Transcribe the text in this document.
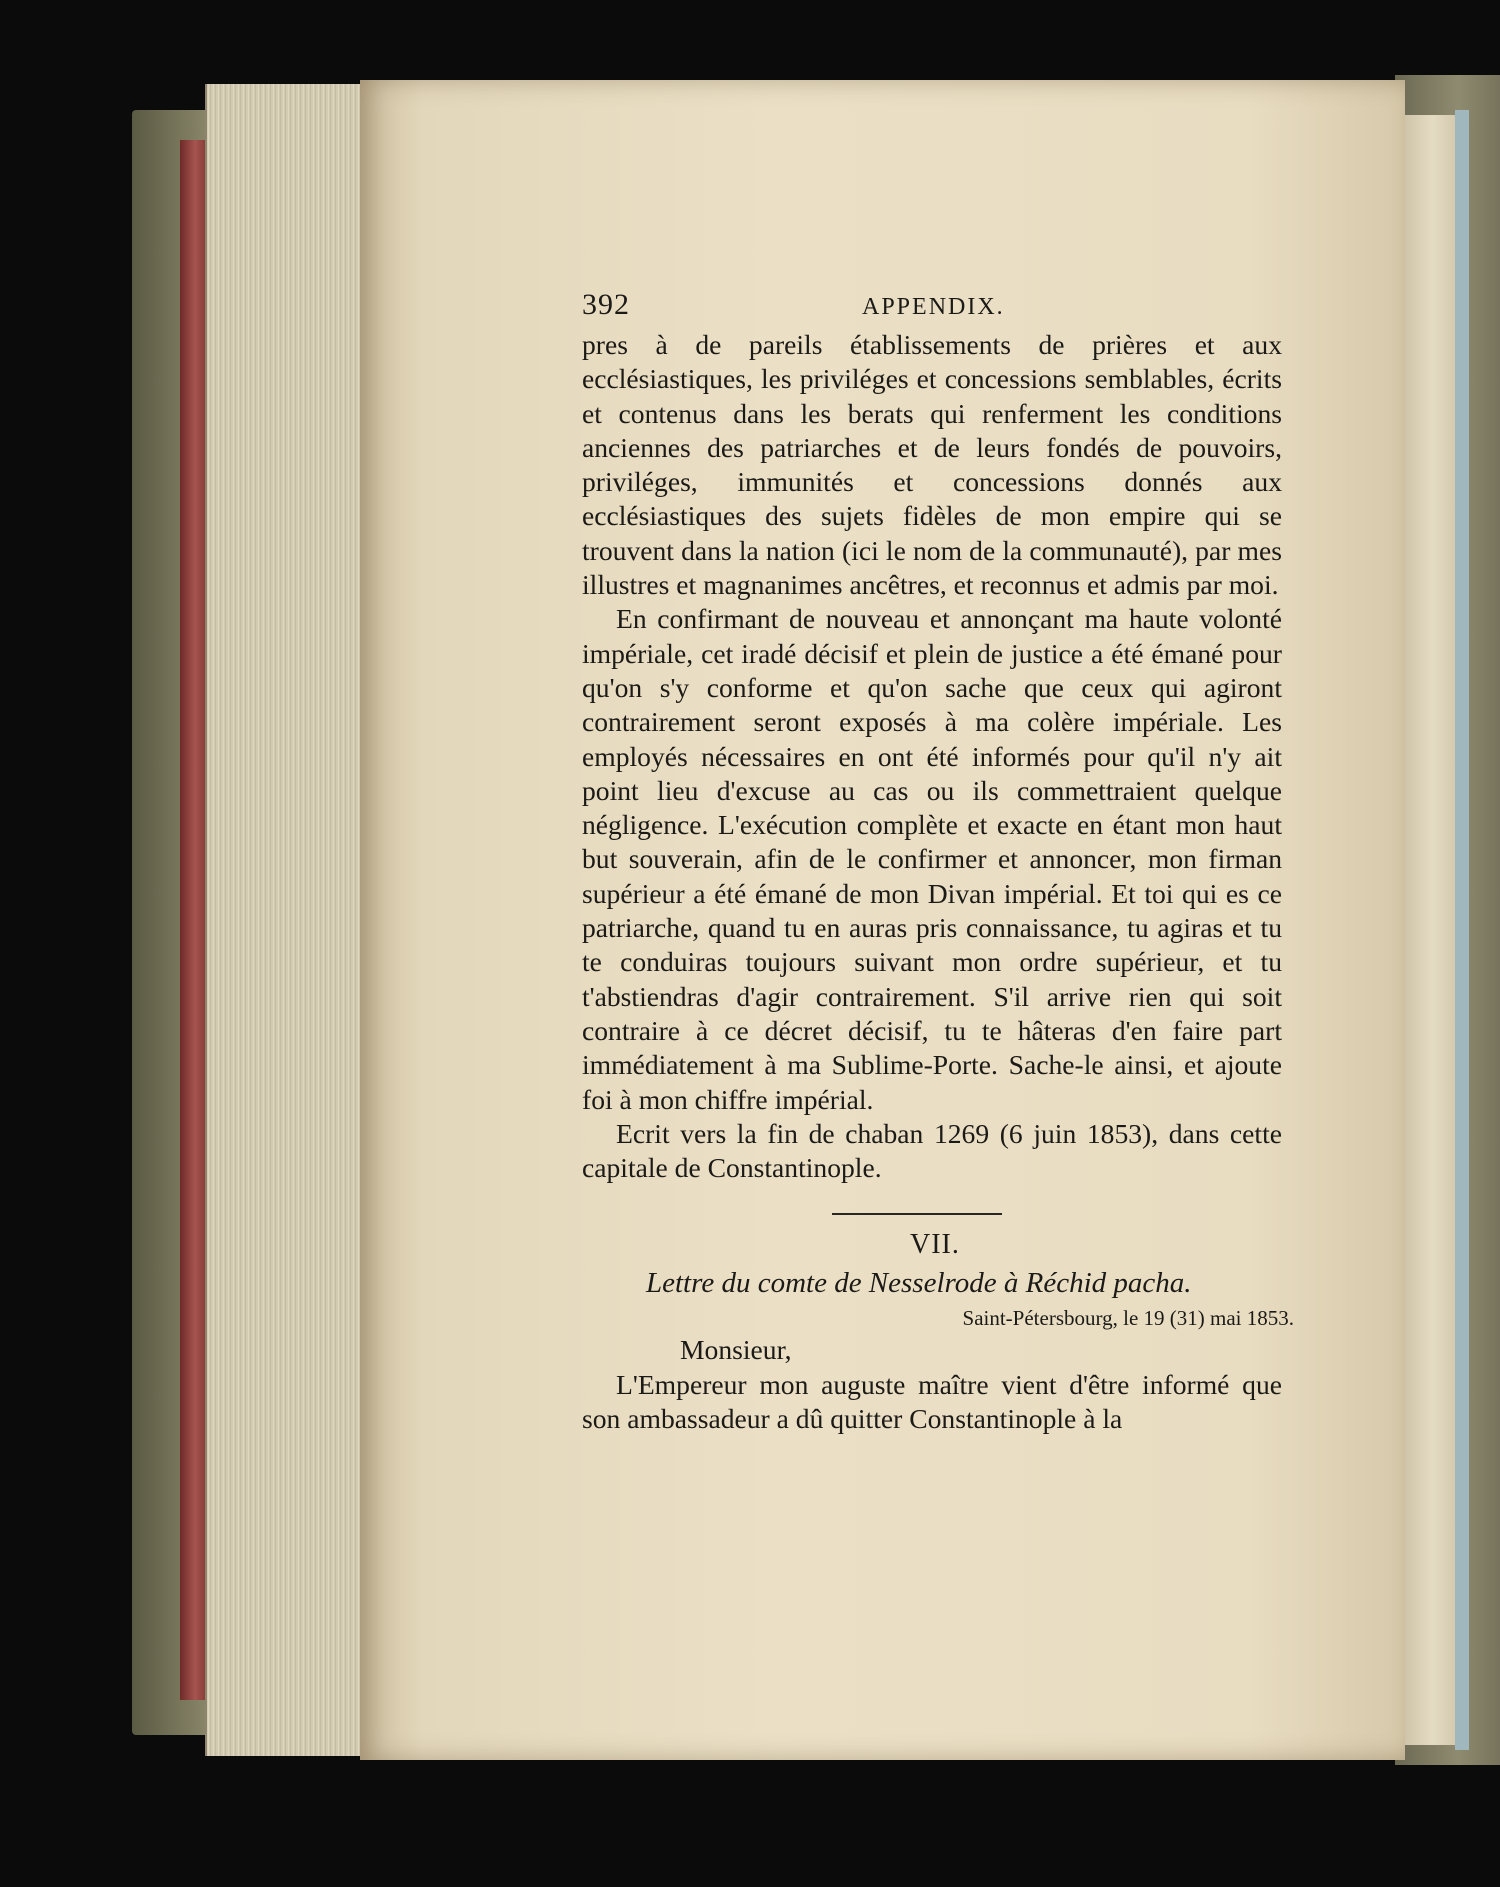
392	APPENDIX.

pres à de pareils établissements de prières et aux ecclésiastiques, les priviléges et concessions semblables, écrits et contenus dans les berats qui renferment les conditions anciennes des patriarches et de leurs fondés de pouvoirs, priviléges, immunités et concessions donnés aux ecclésiastiques des sujets fidèles de mon empire qui se trouvent dans la nation (ici le nom de la communauté), par mes illustres et magnanimes ancêtres, et reconnus et admis par moi.

En confirmant de nouveau et annonçant ma haute volonté impériale, cet iradé décisif et plein de justice a été émané pour qu'on s'y conforme et qu'on sache que ceux qui agiront contrairement seront exposés à ma colère impériale. Les employés nécessaires en ont été informés pour qu'il n'y ait point lieu d'excuse au cas ou ils commettraient quelque négligence. L'exécution complète et exacte en étant mon haut but souverain, afin de le confirmer et annoncer, mon firman supérieur a été émané de mon Divan impérial. Et toi qui es ce patriarche, quand tu en auras pris connaissance, tu agiras et tu te conduiras toujours suivant mon ordre supérieur, et tu t'abstiendras d'agir contrairement. S'il arrive rien qui soit contraire à ce décret décisif, tu te hâteras d'en faire part immédiatement à ma Sublime-Porte. Sache-le ainsi, et ajoute foi à mon chiffre impérial.

Ecrit vers la fin de chaban 1269 (6 juin 1853), dans cette capitale de Constantinople.

VII.
Lettre du comte de Nesselrode à Réchid pacha.
Saint-Pétersbourg, le 19 (31) mai 1853.
Monsieur,

L'Empereur mon auguste maître vient d'être informé que son ambassadeur a dû quitter Constantinople à la
